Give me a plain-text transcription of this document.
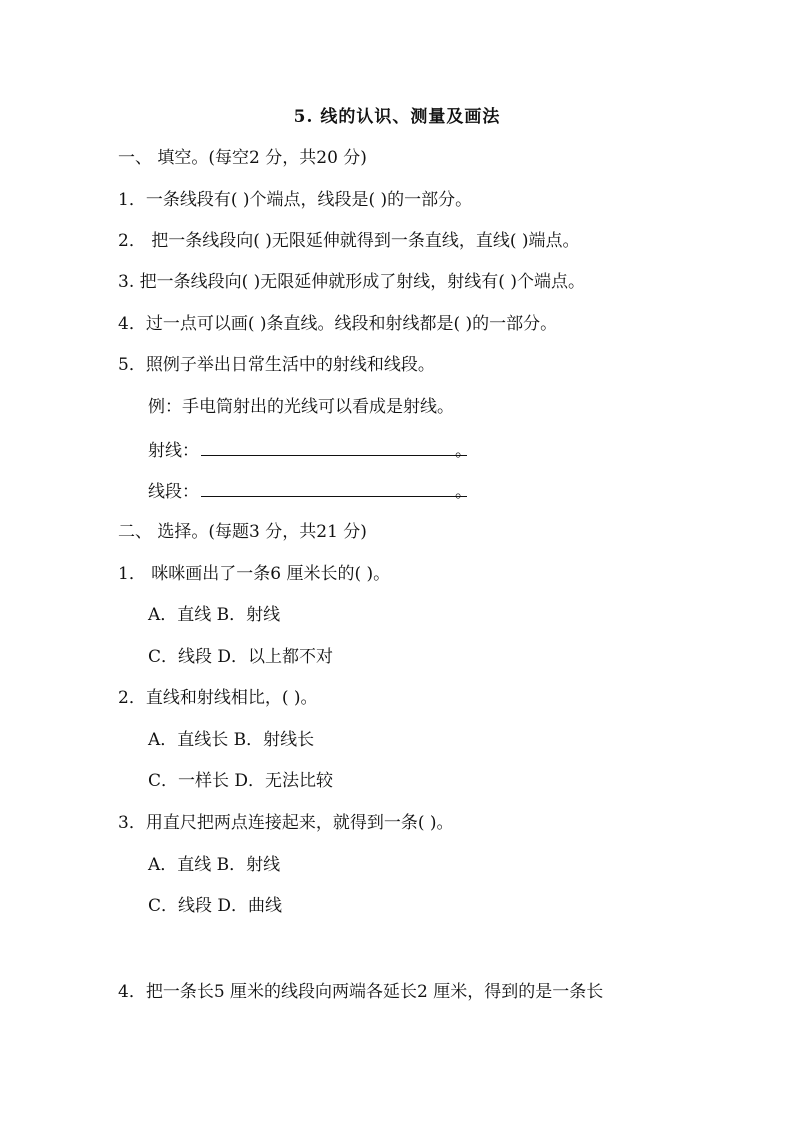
5. 线的认识、测量及画法
一、 填空。(每空2 分，共20 分)
1．一条线段有( )个端点，线段是( )的一部分。
2． 把一条线段向( )无限延伸就得到一条直线，直线( )端点。
3. 把一条线段向( )无限延伸就形成了射线，射线有( )个端点。
4．过一点可以画( )条直线。线段和射线都是( )的一部分。
5．照例子举出日常生活中的射线和线段。
例：手电筒射出的光线可以看成是射线。
射线：	。
线段：	。
二、 选择。(每题3 分，共21 分)
1． 咪咪画出了一条6 厘米长的( )。
A．直线 B．射线
C．线段 D．以上都不对
2．直线和射线相比，( )。
A．直线长 B．射线长
C．一样长 D．无法比较
3．用直尺把两点连接起来，就得到一条( )。
A．直线 B．射线
C．线段 D．曲线
4．把一条长5 厘米的线段向两端各延长2 厘米，得到的是一条长
